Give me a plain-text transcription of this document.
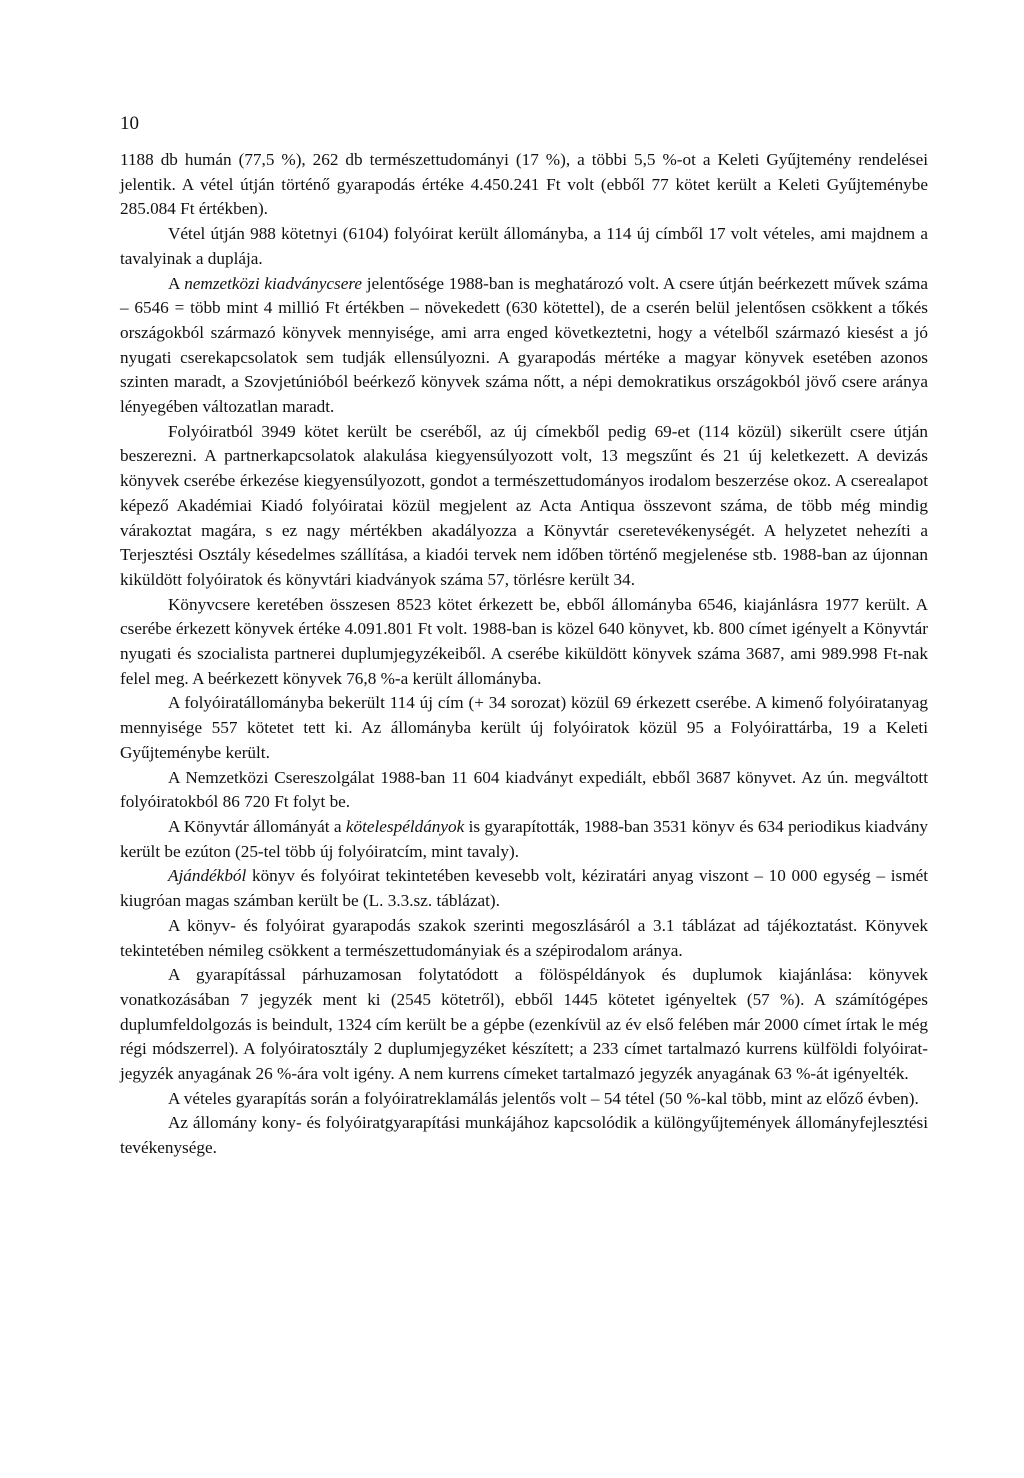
10

1188 db humán (77,5 %), 262 db természettudományi (17 %), a többi 5,5 %-ot a Keleti Gyűjtemény rendelései jelentik. A vétel útján történő gyarapodás értéke 4.450.241 Ft volt (ebből 77 kötet került a Keleti Gyűjteménybe 285.084 Ft értékben).

Vétel útján 988 kötetnyi (6104) folyóirat került állományba, a 114 új címből 17 volt vételes, ami majdnem a tavalyinak a duplája.

A nemzetközi kiadványcsere jelentősége 1988-ban is meghatározó volt. A csere útján beérkezett művek száma – 6546 = több mint 4 millió Ft értékben – növekedett (630 kötettel), de a cserén belül jelentősen csökkent a tőkés országokból származó könyvek mennyisége, ami arra enged következtetni, hogy a vételből származó kiesést a jó nyugati cserekapcsolatok sem tudják ellensúlyozni. A gyarapodás mértéke a magyar könyvek esetében azonos szinten maradt, a Szovjetúnióból beérkező könyvek száma nőtt, a népi demokratikus országokból jövő csere aránya lényegében változatlan maradt.

Folyóiratból 3949 kötet került be cseréből, az új címekből pedig 69-et (114 közül) sikerült csere útján beszerezni. A partnerkapcsolatok alakulása kiegyensúlyozott volt, 13 megszűnt és 21 új keletkezett. A devizás könyvek cserébe érkezése kiegyensúlyozott, gondot a természettudományos irodalom beszerzése okoz. A cserealapot képező Akadémiai Kiadó folyóiratai közül megjelent az Acta Antiqua összevont száma, de több még mindig várakoztat magára, s ez nagy mértékben akadályozza a Könyvtár cseretevékenységét. A helyzetet nehezíti a Terjesztési Osztály késedelmes szállítása, a kiadói tervek nem időben történő megjelenése stb. 1988-ban az újonnan kiküldött folyóiratok és könyvtári kiadványok száma 57, törlésre került 34.

Könyvcsere keretében összesen 8523 kötet érkezett be, ebből állományba 6546, kiajánlásra 1977 került. A cserébe érkezett könyvek értéke 4.091.801 Ft volt. 1988-ban is közel 640 könyvet, kb. 800 címet igényelt a Könyvtár nyugati és szocialista partnerei duplumjegyzékeiből. A cserébe kiküldött könyvek száma 3687, ami 989.998 Ft-nak felel meg. A beérkezett könyvek 76,8 %-a került állományba.

A folyóiratállományba bekerült 114 új cím (+ 34 sorozat) közül 69 érkezett cserébe. A kimenő folyóiratanyag mennyisége 557 kötetet tett ki. Az állományba került új folyóiratok közül 95 a Folyóirattárba, 19 a Keleti Gyűjteménybe került.

A Nemzetközi Csereszolgálat 1988-ban 11 604 kiadványt expediált, ebből 3687 könyvet. Az ún. megváltott folyóiratokból 86 720 Ft folyt be.

A Könyvtár állományát a kötelespéldányok is gyarapították, 1988-ban 3531 könyv és 634 periodikus kiadvány került be ezúton (25-tel több új folyóiratcím, mint tavaly).

Ajándékból könyv és folyóirat tekintetében kevesebb volt, kéziratári anyag viszont – 10 000 egység – ismét kiugróan magas számban került be (L. 3.3.sz. táblázat).

A könyv- és folyóirat gyarapodás szakok szerinti megoszlásáról a 3.1 táblázat ad tájékoztatást. Könyvek tekintetében némileg csökkent a természettudományiak és a szépirodalom aránya.

A gyarapítással párhuzamosan folytatódott a fölöspéldányok és duplumok kiajánlása: könyvek vonatkozásában 7 jegyzék ment ki (2545 kötetről), ebből 1445 kötetet igényeltek (57 %). A számítógépes duplumfeldolgozás is beindult, 1324 cím került be a gépbe (ezenkívül az év első felében már 2000 címet írtak le még régi módszerrel). A folyóiratosztály 2 duplumjegyzéket készített; a 233 címet tartalmazó kurrens külföldi folyóirat-jegyzék anyagának 26 %-ára volt igény. A nem kurrens címeket tartalmazó jegyzék anyagának 63 %-át igényelték.

A vételes gyarapítás során a folyóiratreklamálás jelentős volt – 54 tétel (50 %-kal több, mint az előző évben).

Az állomány kony- és folyóiratgyarapítási munkájához kapcsolódik a különgyűjtemények állományfejlesztési tevékenysége.
